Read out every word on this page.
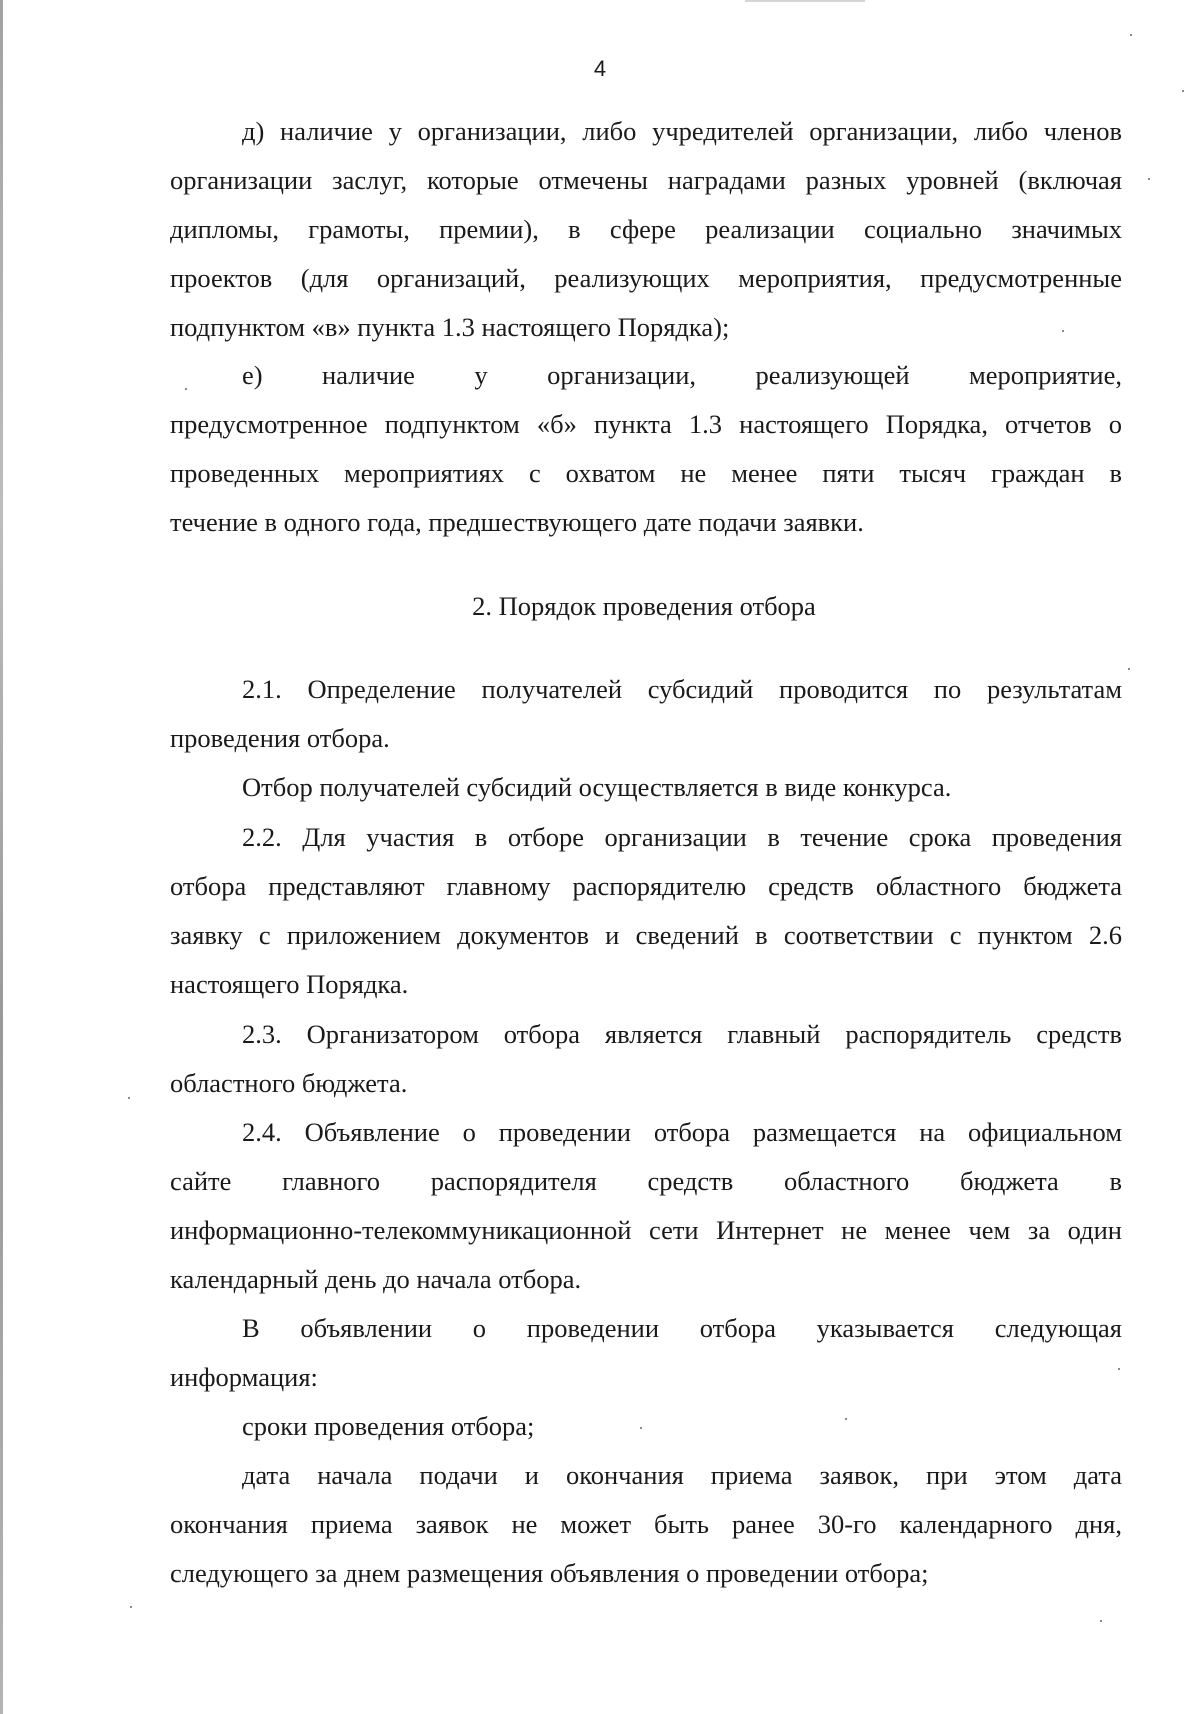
4
д) наличие у организации, либо учредителей организации, либо членов
организации заслуг, которые отмечены наградами разных уровней (включая
дипломы, грамоты, премии), в сфере реализации социально значимых
проектов (для организаций, реализующих мероприятия, предусмотренные
подпунктом «в» пункта 1.3 настоящего Порядка);
е) наличие у организации, реализующей мероприятие,
предусмотренное подпунктом «б» пункта 1.3 настоящего Порядка, отчетов о
проведенных мероприятиях с охватом не менее пяти тысяч граждан в
течение в одного года, предшествующего дате подачи заявки.
2. Порядок проведения отбора
2.1. Определение получателей субсидий проводится по результатам
проведения отбора.
Отбор получателей субсидий осуществляется в виде конкурса.
2.2. Для участия в отборе организации в течение срока проведения
отбора представляют главному распорядителю средств областного бюджета
заявку с приложением документов и сведений в соответствии с пунктом 2.6
настоящего Порядка.
2.3. Организатором отбора является главный распорядитель средств
областного бюджета.
2.4. Объявление о проведении отбора размещается на официальном
сайте главного распорядителя средств областного бюджета в
информационно-телекоммуникационной сети Интернет не менее чем за один
календарный день до начала отбора.
В объявлении о проведении отбора указывается следующая
информация:
сроки проведения отбора;
дата начала подачи и окончания приема заявок, при этом дата
окончания приема заявок не может быть ранее 30-го календарного дня,
следующего за днем размещения объявления о проведении отбора;
